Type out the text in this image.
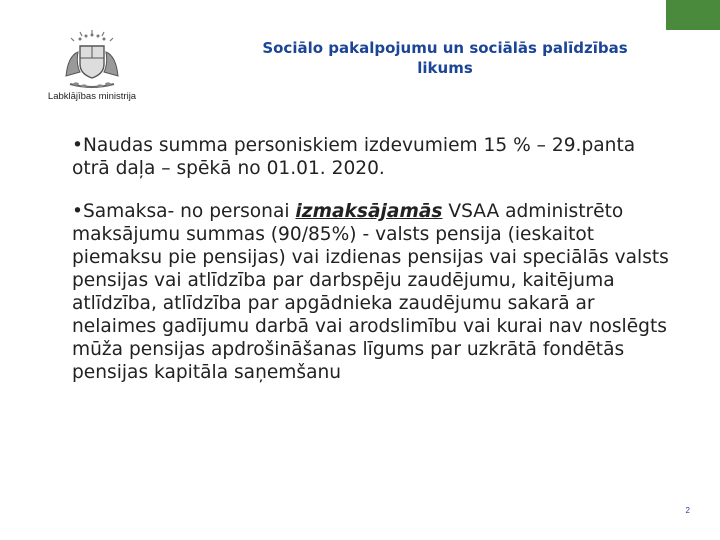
Labklājības ministrija
Sociālo pakalpojumu un sociālās palīdzības
likums

•Naudas summa personiskiem izdevumiem 15 % – 29.panta otrā daļa – spēkā no 01.01. 2020.

•Samaksa- no personai izmaksājamās VSAA administrēto maksājumu summas (90/85%) - valsts pensija (ieskaitot piemaksu pie pensijas) vai izdienas pensijas vai speciālās valsts pensijas vai atlīdzība par darbspēju zaudējumu, kaitējuma atlīdzība, atlīdzība par apgādnieka zaudējumu sakarā ar nelaimes gadījumu darbā vai arodslimību vai kurai nav noslēgts mūža pensijas apdrošināšanas līgums par uzkrātā fondētās pensijas kapitāla saņemšanu

2
